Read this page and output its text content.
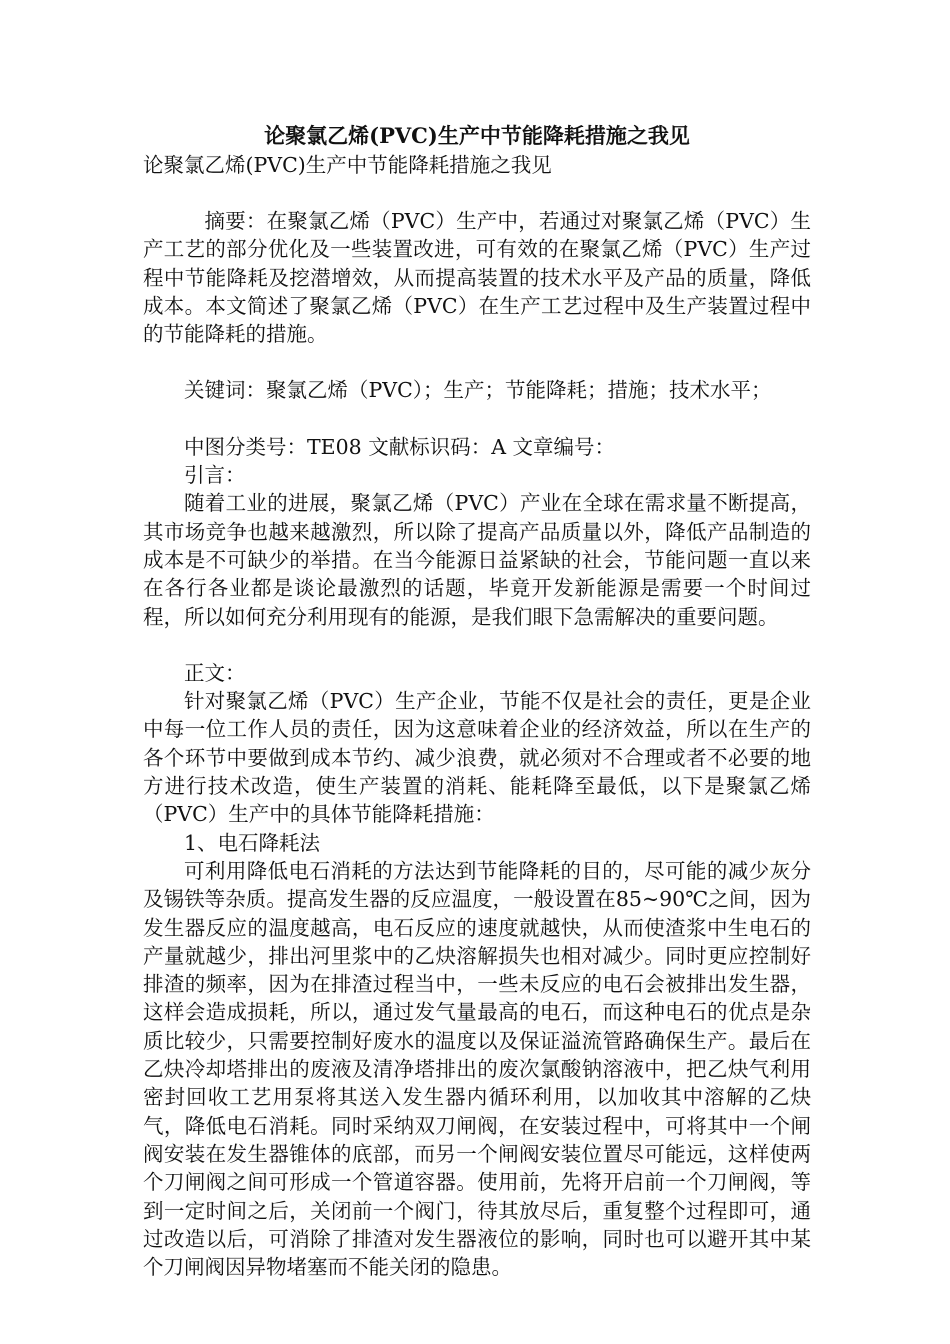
论聚氯乙烯(PVC)生产中节能降耗措施之我见

论聚氯乙烯(PVC)生产中节能降耗措施之我见

摘要：在聚氯乙烯（PVC）生产中，若通过对聚氯乙烯（PVC）生产工艺的部分优化及一些装置改进，可有效的在聚氯乙烯（PVC）生产过程中节能降耗及挖潜增效，从而提高装置的技术水平及产品的质量，降低成本。本文简述了聚氯乙烯（PVC）在生产工艺过程中及生产装置过程中的节能降耗的措施。

关键词：聚氯乙烯（PVC）；生产；节能降耗；措施；技术水平；

中图分类号：TE08 文献标识码：A 文章编号：

引言：

随着工业的进展，聚氯乙烯（PVC）产业在全球在需求量不断提高，其市场竞争也越来越激烈，所以除了提高产品质量以外，降低产品制造的成本是不可缺少的举措。在当今能源日益紧缺的社会，节能问题一直以来在各行各业都是谈论最激烈的话题，毕竟开发新能源是需要一个时间过程，所以如何充分利用现有的能源，是我们眼下急需解决的重要问题。

正文：

针对聚氯乙烯（PVC）生产企业，节能不仅是社会的责任，更是企业中每一位工作人员的责任，因为这意味着企业的经济效益，所以在生产的各个环节中要做到成本节约、减少浪费，就必须对不合理或者不必要的地方进行技术改造，使生产装置的消耗、能耗降至最低，以下是聚氯乙烯（PVC）生产中的具体节能降耗措施：

1、电石降耗法

可利用降低电石消耗的方法达到节能降耗的目的，尽可能的减少灰分及锡铁等杂质。提高发生器的反应温度，一般设置在85~90℃之间，因为发生器反应的温度越高，电石反应的速度就越快，从而使渣浆中生电石的产量就越少，排出河里浆中的乙炔溶解损失也相对减少。同时更应控制好排渣的频率，因为在排渣过程当中，一些未反应的电石会被排出发生器，这样会造成损耗，所以，通过发气量最高的电石，而这种电石的优点是杂质比较少，只需要控制好废水的温度以及保证溢流管路确保生产。最后在乙炔冷却塔排出的废液及清净塔排出的废次氯酸钠溶液中，把乙炔气利用密封回收工艺用泵将其送入发生器内循环利用，以加收其中溶解的乙炔气，降低电石消耗。同时采纳双刀闸阀，在安装过程中，可将其中一个闸阀安装在发生器锥体的底部，而另一个闸阀安装位置尽可能远，这样使两个刀闸阀之间可形成一个管道容器。使用前，先将开启前一个刀闸阀，等到一定时间之后，关闭前一个阀门，待其放尽后，重复整个过程即可，通过改造以后，可消除了排渣对发生器液位的影响，同时也可以避开其中某个刀闸阀因异物堵塞而不能关闭的隐患。
